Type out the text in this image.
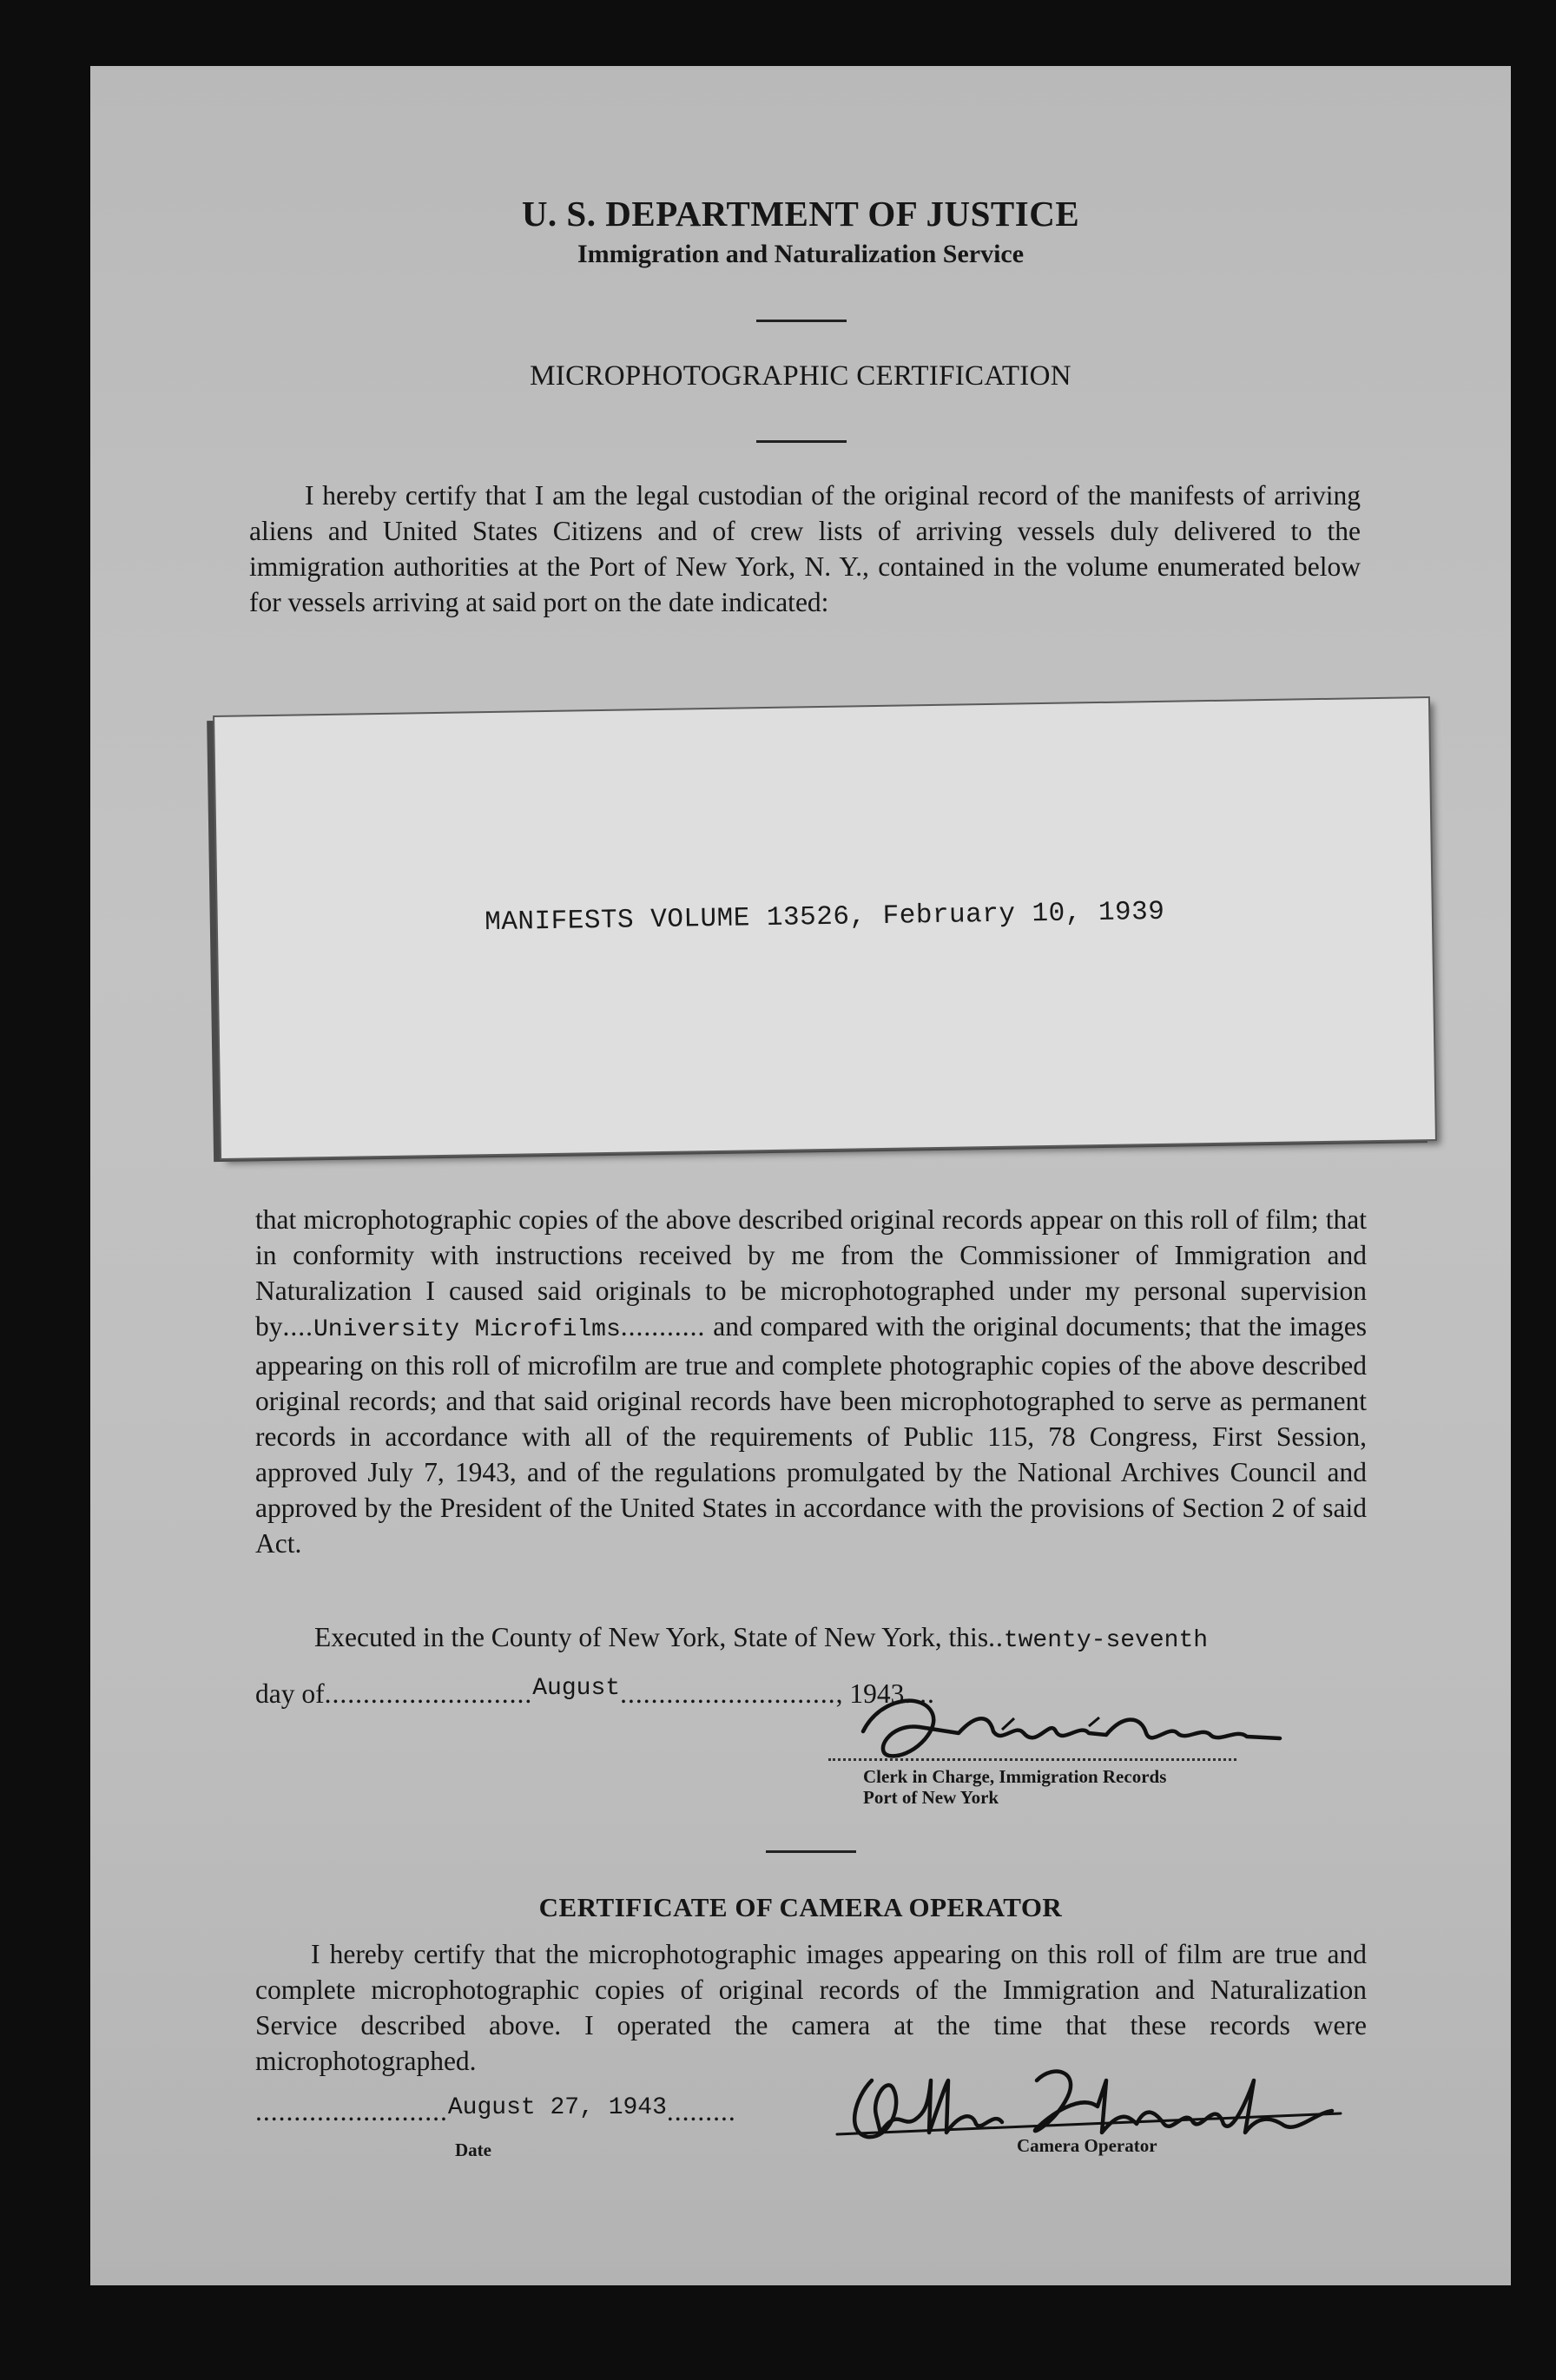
U. S. DEPARTMENT OF JUSTICE
Immigration and Naturalization Service
MICROPHOTOGRAPHIC CERTIFICATION
I hereby certify that I am the legal custodian of the original record of the manifests of arriving aliens and United States Citizens and of crew lists of arriving vessels duly delivered to the immigration authorities at the Port of New York, N. Y., contained in the volume enumerated below for vessels arriving at said port on the date indicated:
MANIFESTS VOLUME 13526, February 10, 1939
that microphotographic copies of the above described original records appear on this roll of film; that in conformity with instructions received by me from the Commissioner of Immigration and Naturalization I caused said originals to be microphotographed under my personal supervision by....University Microfilms........... and compared with the original documents; that the images appearing on this roll of microfilm are true and complete photographic copies of the above described original records; and that said original records have been microphotographed to serve as permanent records in accordance with all of the requirements of Public 115, 78 Congress, First Session, approved July 7, 1943, and of the regulations promulgated by the National Archives Council and approved by the President of the United States in accordance with the provisions of Section 2 of said Act.
Executed in the County of New York, State of New York, this..twenty-seventh
day of...........................August............................, 1943....
Clerk in Charge, Immigration Records
Port of New York
CERTIFICATE OF CAMERA OPERATOR
I hereby certify that the microphotographic images appearing on this roll of film are true and complete microphotographic copies of original records of the Immigration and Naturalization Service described above. I operated the camera at the time that these records were microphotographed.
.........................August 27, 1943.........
Date	Camera Operator
